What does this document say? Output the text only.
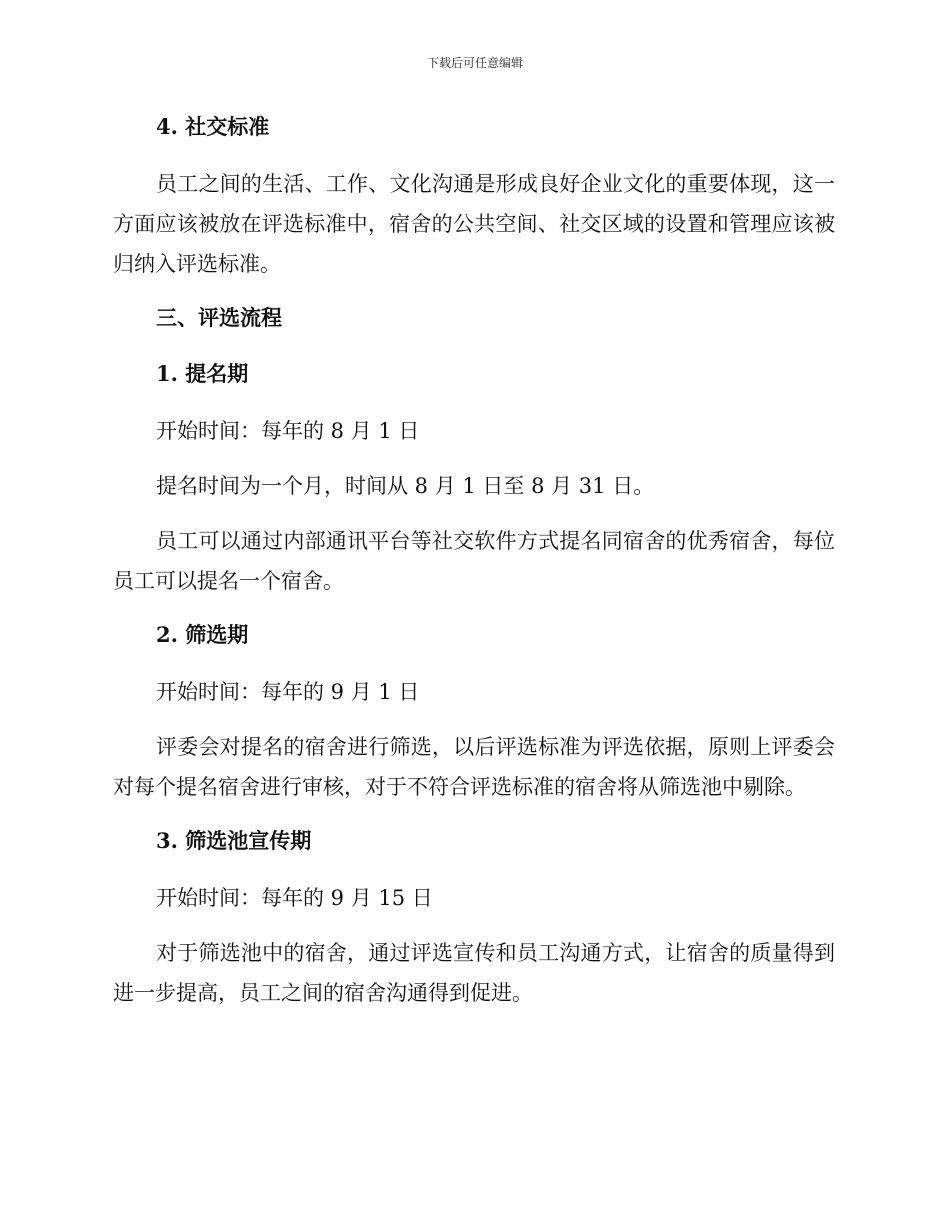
下载后可任意编辑
4. 社交标准

员工之间的生活、工作、文化沟通是形成良好企业文化的重要体现，这一方面应该被放在评选标准中，宿舍的公共空间、社交区域的设置和管理应该被归纳入评选标准。

三、评选流程
1. 提名期

开始时间：每年的 8 月 1 日

提名时间为一个月，时间从 8 月 1 日至 8 月 31 日。

员工可以通过内部通讯平台等社交软件方式提名同宿舍的优秀宿舍，每位员工可以提名一个宿舍。

2. 筛选期

开始时间：每年的 9 月 1 日

评委会对提名的宿舍进行筛选，以后评选标准为评选依据，原则上评委会对每个提名宿舍进行审核，对于不符合评选标准的宿舍将从筛选池中剔除。

3. 筛选池宣传期

开始时间：每年的 9 月 15 日

对于筛选池中的宿舍，通过评选宣传和员工沟通方式，让宿舍的质量得到进一步提高，员工之间的宿舍沟通得到促进。
